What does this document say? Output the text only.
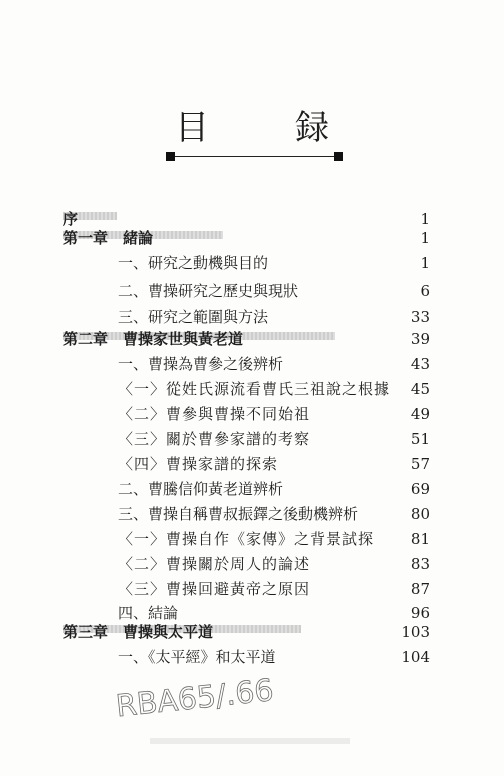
目　録
序	1
第一章　緒論	1
一、研究之動機與目的	1
二、曹操研究之歷史與現狀	6
三、研究之範圍與方法	33
第二章　曹操家世與黃老道	39
一、曹操為曹參之後辨析	43
〈一〉從姓氏源流看曹氏三祖說之根據	45
〈二〉曹參與曹操不同始祖	49
〈三〉關於曹參家譜的考察	51
〈四〉曹操家譜的探索	57
二、曹騰信仰黃老道辨析	69
三、曹操自稱曹叔振鐸之後動機辨析	80
〈一〉曹操自作《家傳》之背景試探	81
〈二〉曹操關於周人的論述	83
〈三〉曹操回避黃帝之原因	87
四、結論	96
第三章　曹操與太平道	103
一、《太平經》和太平道	104
RBA65/.66
